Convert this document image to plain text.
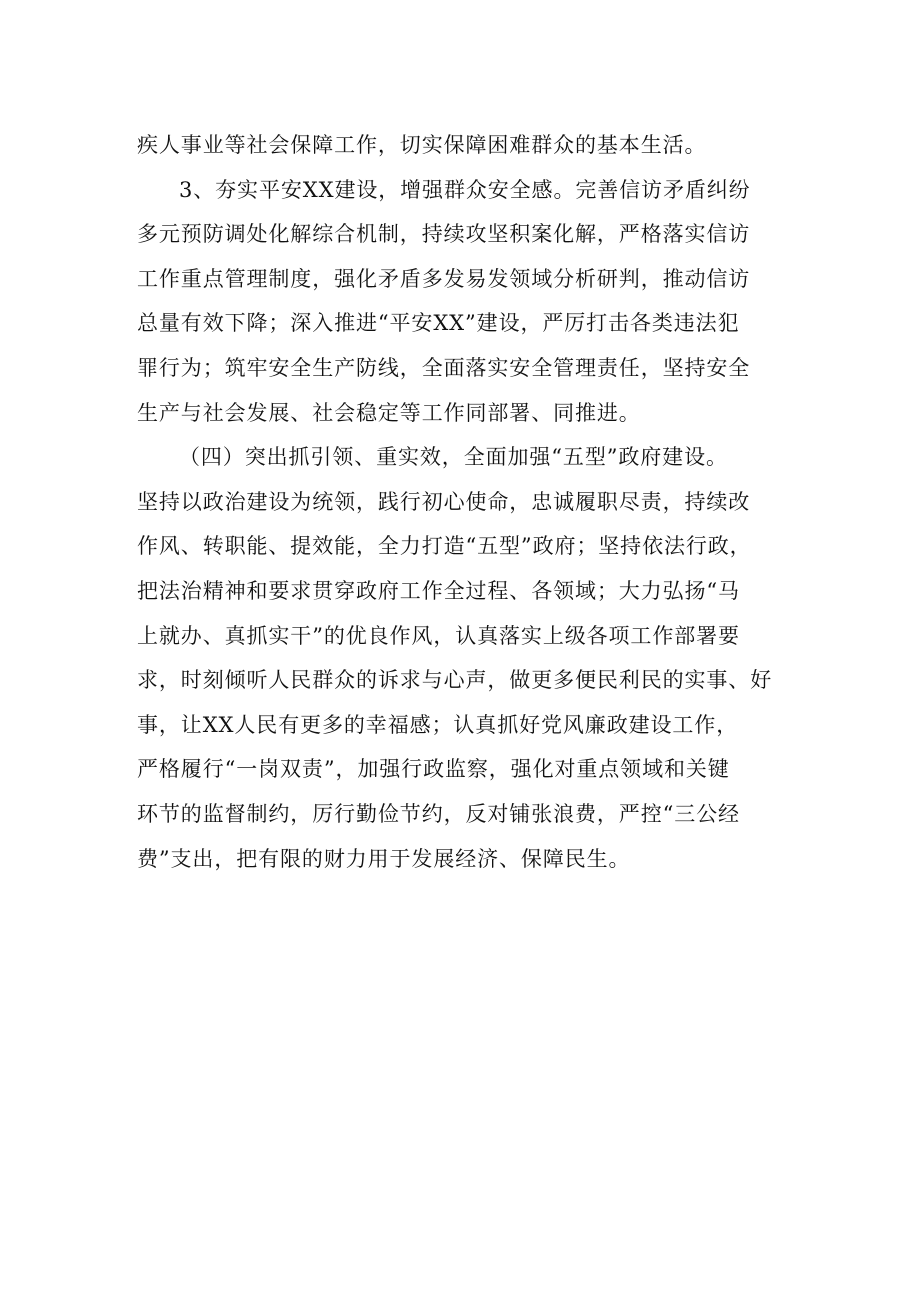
疾人事业等社会保障工作，切实保障困难群众的基本生活。
3、夯实平安XX建设，增强群众安全感。完善信访矛盾纠纷
多元预防调处化解综合机制，持续攻坚积案化解，严格落实信访
工作重点管理制度，强化矛盾多发易发领域分析研判，推动信访
总量有效下降；深入推进“平安XX”建设，严厉打击各类违法犯
罪行为；筑牢安全生产防线，全面落实安全管理责任，坚持安全
生产与社会发展、社会稳定等工作同部署、同推进。
（四）突出抓引领、重实效，全面加强“五型”政府建设。
坚持以政治建设为统领，践行初心使命，忠诚履职尽责，持续改
作风、转职能、提效能，全力打造“五型”政府；坚持依法行政，
把法治精神和要求贯穿政府工作全过程、各领域；大力弘扬“马
上就办、真抓实干”的优良作风，认真落实上级各项工作部署要
求，时刻倾听人民群众的诉求与心声，做更多便民利民的实事、好
事，让XX人民有更多的幸福感；认真抓好党风廉政建设工作，
严格履行“一岗双责”，加强行政监察，强化对重点领域和关键
环节的监督制约，厉行勤俭节约，反对铺张浪费，严控“三公经
费”支出，把有限的财力用于发展经济、保障民生。
